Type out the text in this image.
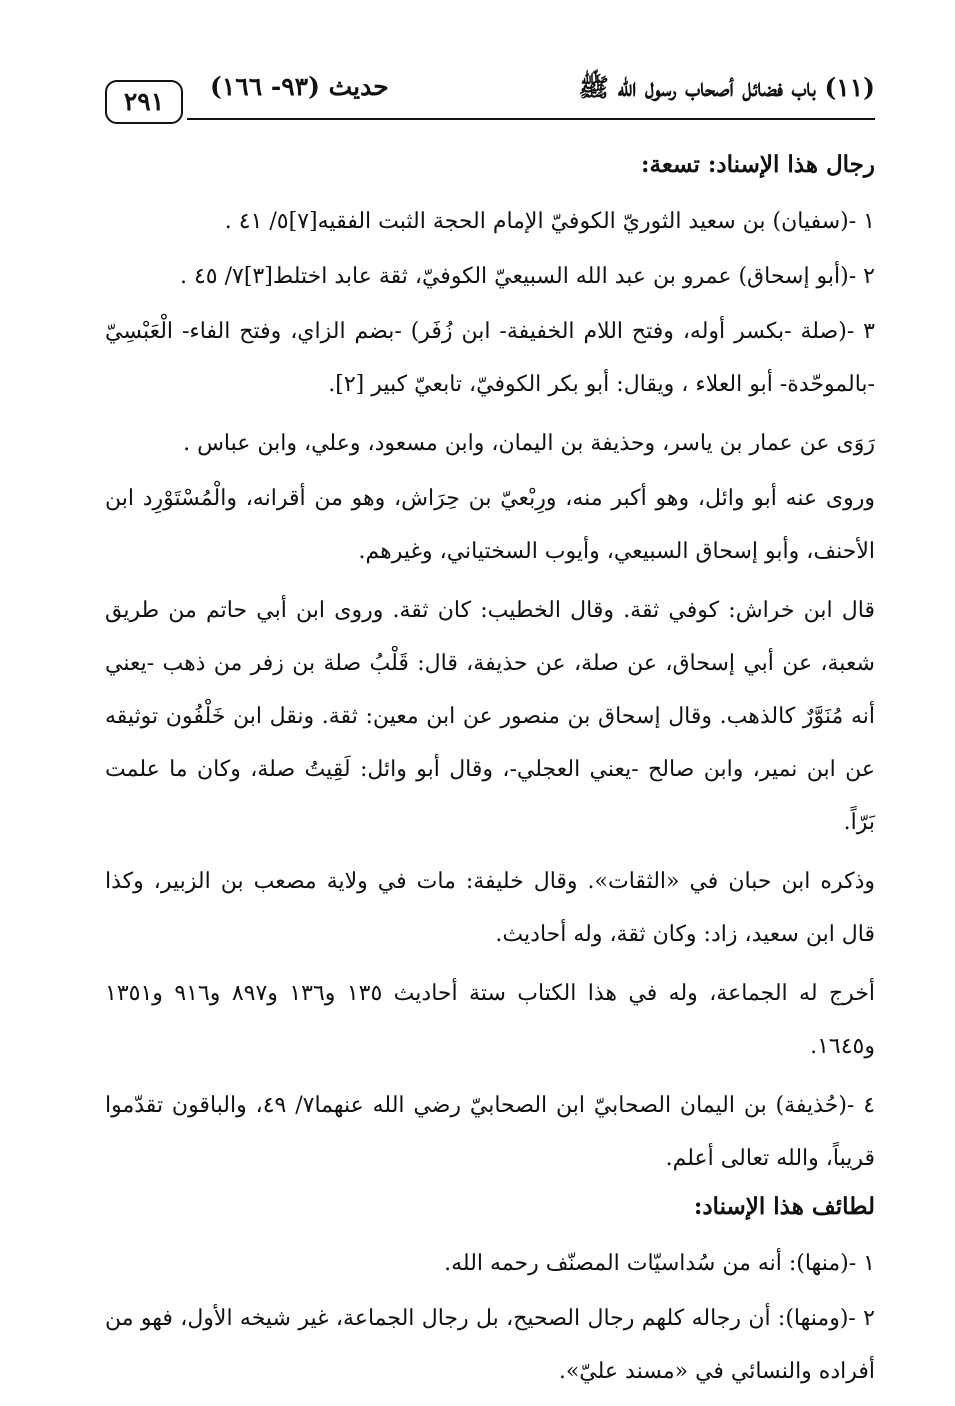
(١١) باب فضائل أصحاب رسول الله ﷺ
حديث (٩٣- ١٦٦)
٢٩١
رجال هذا الإسناد: تسعة:

١ -(سفيان) بن سعيد الثوريّ الكوفيّ الإمام الحجة الثبت الفقيه[٧]٥/ ٤١ .

٢ -(أبو إسحاق) عمرو بن عبد الله السبيعيّ الكوفيّ، ثقة عابد اختلط[٣]٧/ ٤٥ .

٣ -(صلة -بكسر أوله، وفتح اللام الخفيفة- ابن زُفَر) -بضم الزاي، وفتح الفاء- الْعَبْسِيّ -بالموحّدة- أبو العلاء ، ويقال: أبو بكر الكوفيّ، تابعيّ كبير [٢].

رَوَى عن عمار بن ياسر، وحذيفة بن اليمان، وابن مسعود، وعلي، وابن عباس .

وروى عنه أبو وائل، وهو أكبر منه، ورِبْعيّ بن حِرَاش، وهو من أقرانه، والْمُسْتَوْرِد ابن الأحنف، وأبو إسحاق السبيعي، وأيوب السختياني، وغيرهم.

قال ابن خراش: كوفي ثقة. وقال الخطيب: كان ثقة. وروى ابن أبي حاتم من طريق شعبة، عن أبي إسحاق، عن صلة، عن حذيفة، قال: قَلْبُ صلة بن زفر من ذهب -يعني أنه مُنَوَّرٌ كالذهب. وقال إسحاق بن منصور عن ابن معين: ثقة. ونقل ابن خَلْفُون توثيقه عن ابن نمير، وابن صالح -يعني العجلي-، وقال أبو وائل: لَقِيتُ صلة، وكان ما علمت بَرّاً.

وذكره ابن حبان في «الثقات». وقال خليفة: مات في ولاية مصعب بن الزبير، وكذا قال ابن سعيد، زاد: وكان ثقة، وله أحاديث.

أخرج له الجماعة، وله في هذا الكتاب ستة أحاديث ١٣٥ و١٣٦ و٨٩٧ و٩١٦ و١٣٥١ و١٦٤٥.

٤ -(حُذيفة) بن اليمان الصحابيّ ابن الصحابيّ رضي الله عنهما٧/ ٤٩، والباقون تقدّموا قريباً، والله تعالى أعلم.

لطائف هذا الإسناد:

١ -(منها): أنه من سُداسيّات المصنّف رحمه الله.

٢ -(ومنها): أن رجاله كلهم رجال الصحيح، بل رجال الجماعة، غير شيخه الأول، فهو من أفراده والنسائي في «مسند عليّ».
